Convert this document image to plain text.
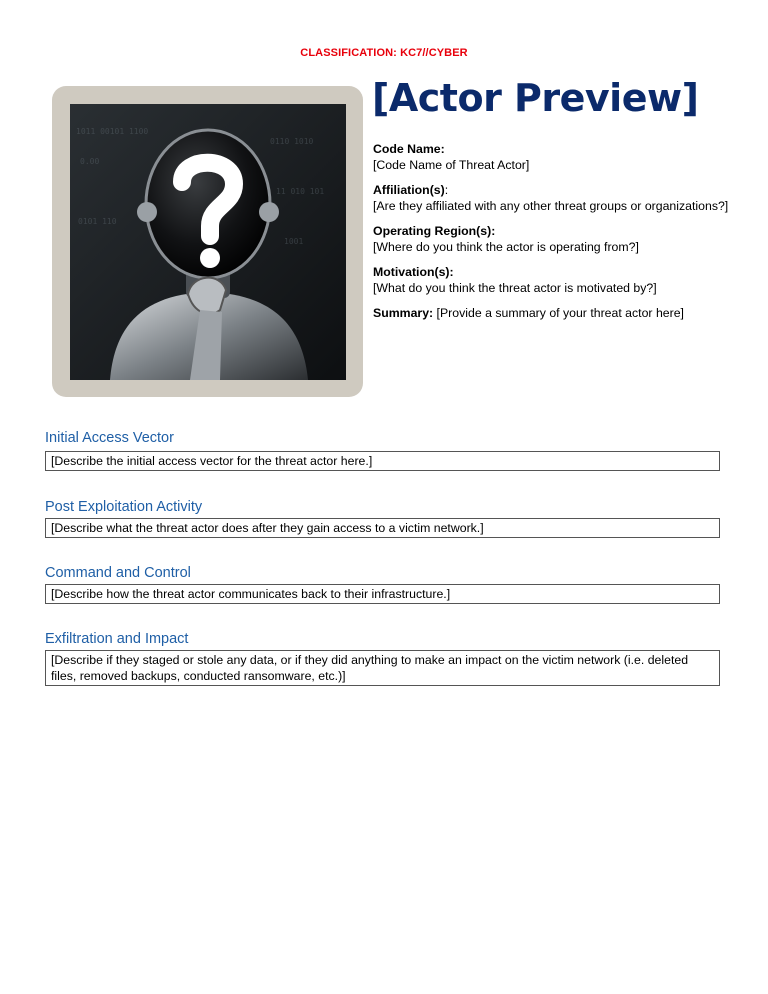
CLASSIFICATION: KC7//CYBER
1011 00101 1100
0.00
0110 1010
11 010 101
0101 110
1001
[Actor Preview]
Code Name:
[Code Name of Threat Actor]
Affiliation(s):
[Are they affiliated with any other threat groups or organizations?]
Operating Region(s):
[Where do you think the actor is operating from?]
Motivation(s):
[What do you think the threat actor is motivated by?]
Summary: [Provide a summary of your threat actor here]
Initial Access Vector
[Describe the initial access vector for the threat actor here.]
Post Exploitation Activity
[Describe what the threat actor does after they gain access to a victim network.]
Command and Control
[Describe how the threat actor communicates back to their infrastructure.]
Exfiltration and Impact
[Describe if they staged or stole any data, or if they did anything to make an impact on the victim network (i.e. deleted files, removed backups, conducted ransomware, etc.)]
